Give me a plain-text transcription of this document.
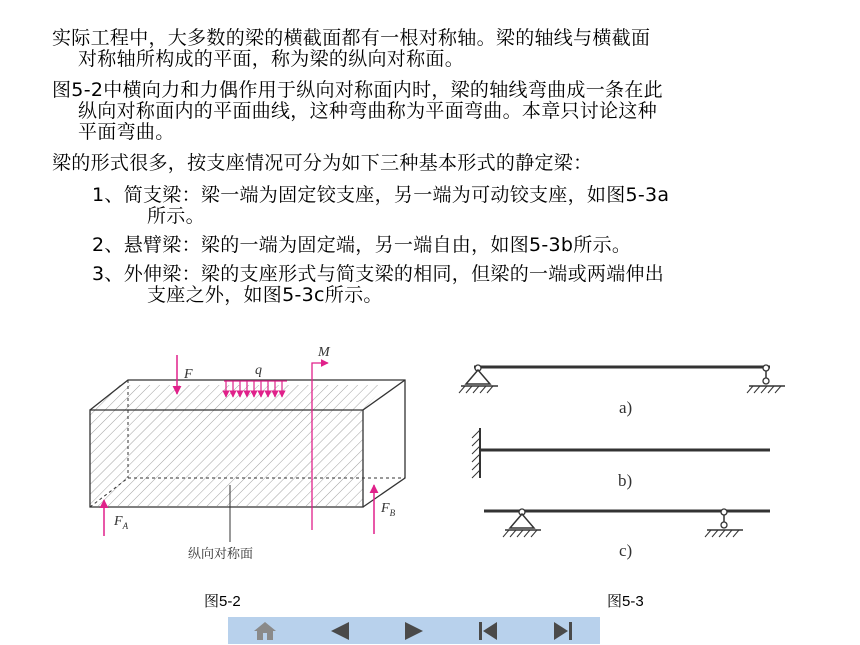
实际工程中，大多数的梁的横截面都有一根对称轴。梁的轴线与横截面
对称轴所构成的平面，称为梁的纵向对称面。
图5-2中横向力和力偶作用于纵向对称面内时，梁的轴线弯曲成一条在此
纵向对称面内的平面曲线，这种弯曲称为平面弯曲。本章只讨论这种
平面弯曲。
梁的形式很多，按支座情况可分为如下三种基本形式的静定梁：
1、简支梁：梁一端为固定铰支座，另一端为可动铰支座，如图5-3a
所示。
2、悬臂梁：梁的一端为固定端，另一端自由，如图5-3b所示。
3、外伸梁：梁的支座形式与简支梁的相同，但梁的一端或两端伸出
支座之外，如图5-3c所示。
F	q
M
$F_A$
$F_B$
纵向对称面
图5-2
a)
b)
c)
图5-3
